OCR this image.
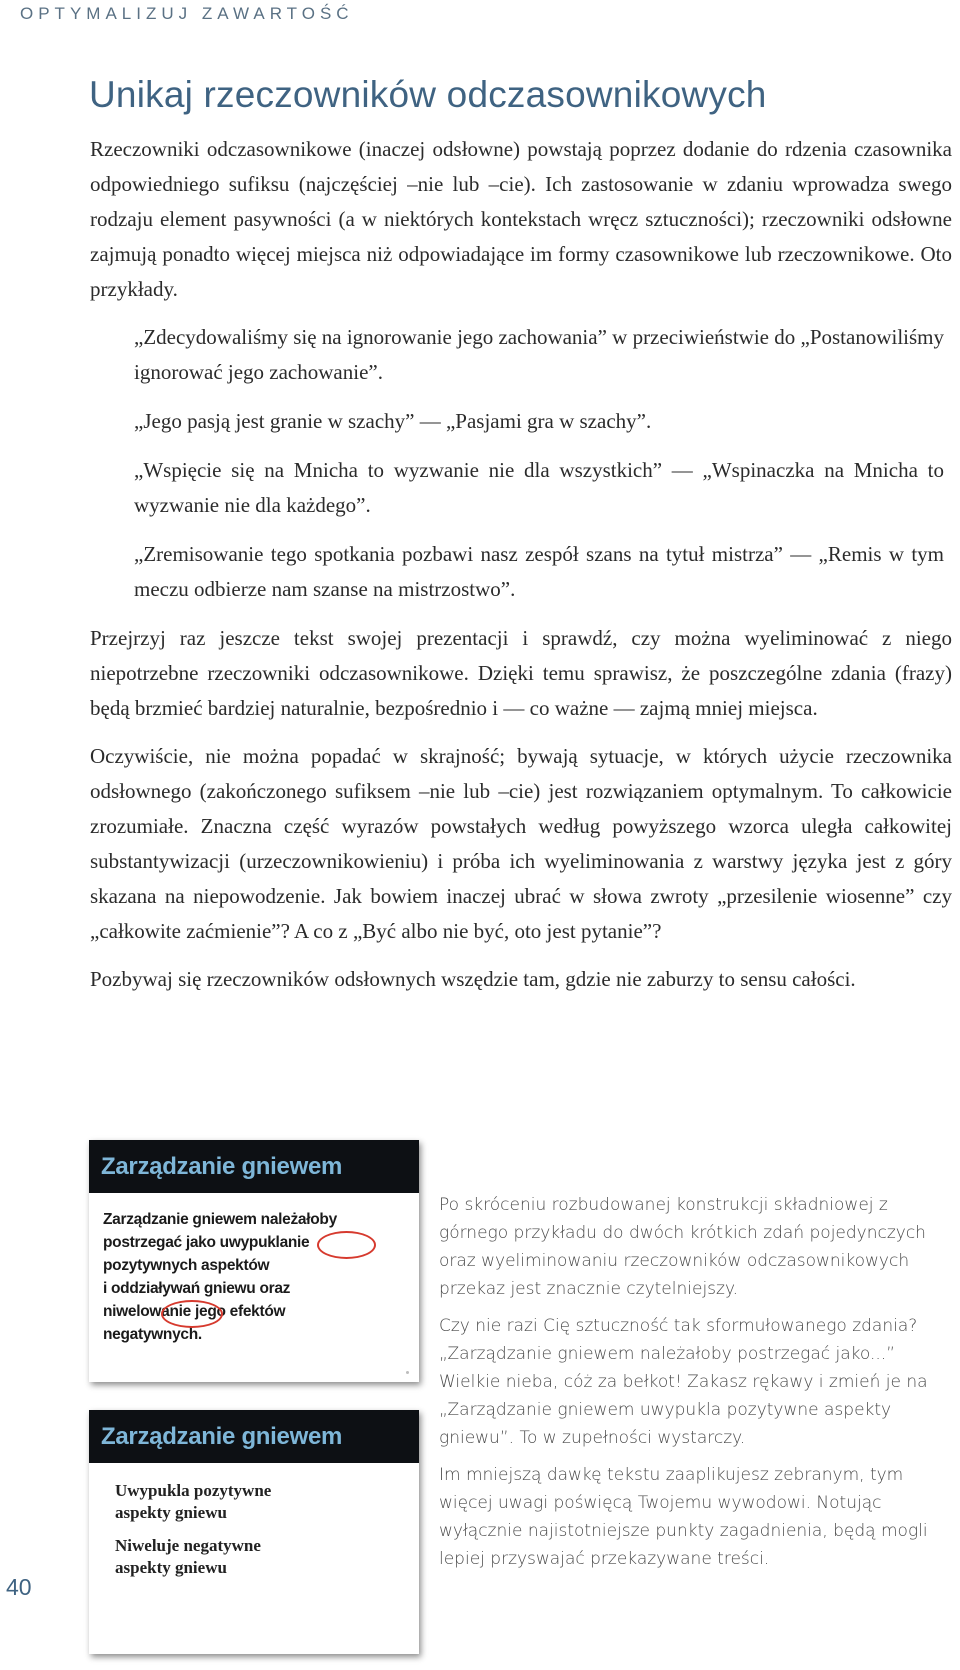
OPTYMALIZUJ ZAWARTOŚĆ
Unikaj rzeczowników odczasownikowych

Rzeczowniki odczasownikowe (inaczej odsłowne) powstają poprzez dodanie do rdzenia czasownika odpowiedniego sufiksu (najczęściej –nie lub –cie). Ich zastosowanie w zdaniu wprowadza swego rodzaju element pasywności (a w niektórych kontekstach wręcz sztuczności); rzeczowniki odsłowne zajmują ponadto więcej miejsca niż odpowiadające im formy czasownikowe lub rzeczownikowe. Oto przykłady.

„Zdecydowaliśmy się na ignorowanie jego zachowania” w przeciwieństwie do „Postanowiliśmy ignorować jego zachowanie”.

„Jego pasją jest granie w szachy” — „Pasjami gra w szachy”.

„Wspięcie się na Mnicha to wyzwanie nie dla wszystkich” — „Wspinaczka na Mnicha to wyzwanie nie dla każdego”.

„Zremisowanie tego spotkania pozbawi nasz zespół szans na tytuł mistrza” — „Remis w tym meczu odbierze nam szanse na mistrzostwo”.

Przejrzyj raz jeszcze tekst swojej prezentacji i sprawdź, czy można wyeliminować z niego niepotrzebne rzeczowniki odczasownikowe. Dzięki temu sprawisz, że poszczególne zdania (frazy) będą brzmieć bardziej naturalnie, bezpośrednio i — co ważne — zajmą mniej miejsca.

Oczywiście, nie można popadać w skrajność; bywają sytuacje, w których użycie rzeczownika odsłownego (zakończonego sufiksem –nie lub –cie) jest rozwiązaniem optymalnym. To całkowicie zrozumiałe. Znaczna część wyrazów powstałych według powyższego wzorca uległa całkowitej substantywizacji (urzeczownikowieniu) i próba ich wyeliminowania z warstwy języka jest z góry skazana na niepowodzenie. Jak bowiem inaczej ubrać w słowa zwroty „przesilenie wiosenne” czy „całkowite zaćmienie”? A co z „Być albo nie być, oto jest pytanie”?

Pozbywaj się rzeczowników odsłownych wszędzie tam, gdzie nie zaburzy to sensu całości.

Zarządzanie gniewem
Zarządzanie gniewem należałoby
postrzegać jako uwypuklanie
pozytywnych aspektów
i oddziaływań gniewu oraz
niwelowanie jego efektów
negatywnych.
Zarządzanie gniewem
Uwypukla pozytywne
aspekty gniewu
Niweluje negatywne
aspekty gniewu

Po skróceniu rozbudowanej konstrukcji składniowej z górnego przykładu do dwóch krótkich zdań pojedynczych oraz wyeliminowaniu rzeczowników odczasownikowych przekaz jest znacznie czytelniejszy.

Czy nie razi Cię sztuczność tak sformułowanego zdania? „Zarządzanie gniewem należałoby postrzegać jako...” Wielkie nieba, cóż za bełkot! Zakasz rękawy i zmień je na „Zarządzanie gniewem uwypukla pozytywne aspekty gniewu”. To w zupełności wystarczy.

Im mniejszą dawkę tekstu zaaplikujesz zebranym, tym więcej uwagi poświęcą Twojemu wywodowi. Notując wyłącznie najistotniejsze punkty zagadnienia, będą mogli lepiej przyswajać przekazywane treści.

40
